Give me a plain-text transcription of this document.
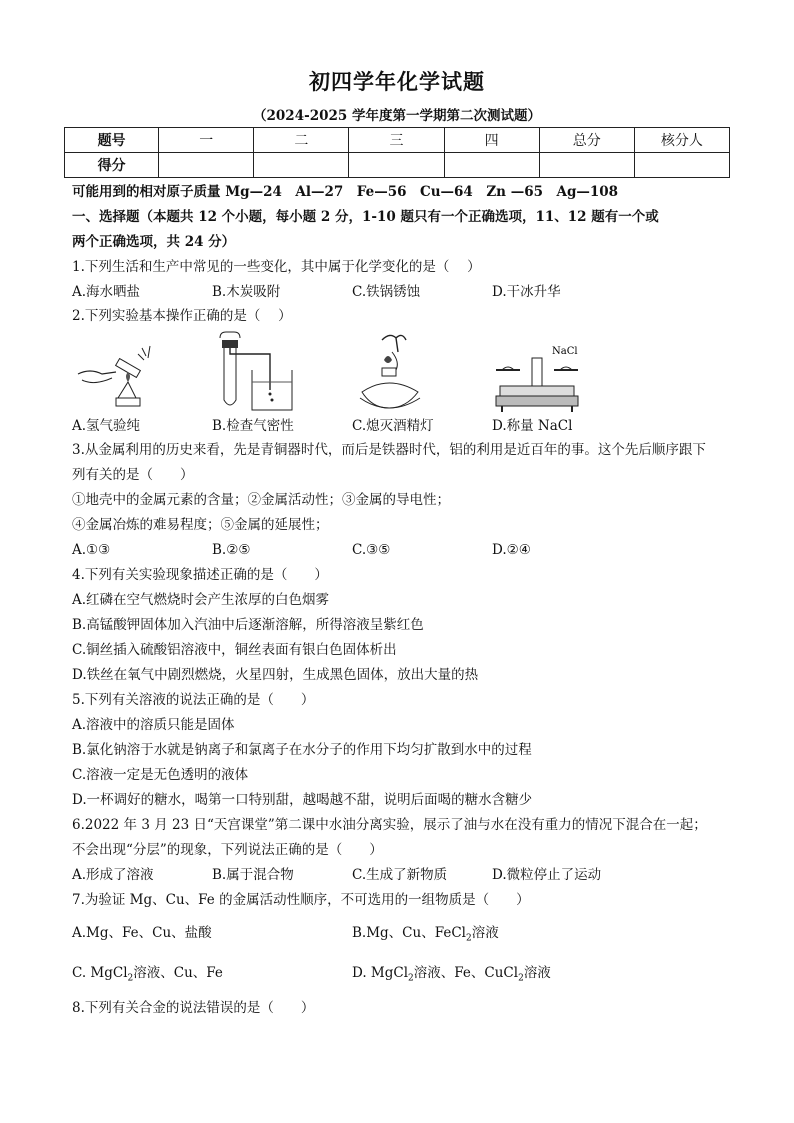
初四学年化学试题
（2024-2025 学年度第一学期第二次测试题）
题号	一	二	三	四	总分	核分人
得分						
可能用到的相对原子质量 Mg—24　Al—27　Fe—56　Cu—64　Zn —65　Ag—108
一、选择题（本题共 12 个小题，每小题 2 分，1-10 题只有一个正确选项，11、12 题有一个或
两个正确选项，共 24 分）
1.下列生活和生产中常见的一些变化，其中属于化学变化的是（　 ）
A.海水晒盐	B.木炭吸附	C.铁锅锈蚀	D.干冰升华
2.下列实验基本操作正确的是（　 ）
NaCl
A.氢气验纯	B.检查气密性	C.熄灭酒精灯	D.称量 NaCl
3.从金属利用的历史来看，先是青铜器时代，而后是铁器时代，铝的利用是近百年的事。这个先后顺序跟下
列有关的是（　　）
①地壳中的金属元素的含量；②金属活动性；③金属的导电性；
④金属冶炼的难易程度；⑤金属的延展性；
A.①③	B.②⑤	C.③⑤	D.②④
4.下列有关实验现象描述正确的是（　　）
A.红磷在空气燃烧时会产生浓厚的白色烟雾
B.高锰酸钾固体加入汽油中后逐渐溶解，所得溶液呈紫红色
C.铜丝插入硫酸铝溶液中，铜丝表面有银白色固体析出
D.铁丝在氧气中剧烈燃烧，火星四射，生成黑色固体，放出大量的热
5.下列有关溶液的说法正确的是（　　）
A.溶液中的溶质只能是固体
B.氯化钠溶于水就是钠离子和氯离子在水分子的作用下均匀扩散到水中的过程
C.溶液一定是无色透明的液体
D.一杯调好的糖水，喝第一口特别甜，越喝越不甜，说明后面喝的糖水含糖少
6.2022 年 3 月 23 日“天宫课堂”第二课中水油分离实验，展示了油与水在没有重力的情况下混合在一起；
不会出现“分层”的现象，下列说法正确的是（　　）
A.形成了溶液	B.属于混合物	C.生成了新物质	D.微粒停止了运动
7.为验证 Mg、Cu、Fe 的金属活动性顺序，不可选用的一组物质是（　　）
A.Mg、Fe、Cu、盐酸	B.Mg、Cu、FeCl$_2$溶液
C. MgCl$_2$溶液、Cu、Fe	D. MgCl$_2$溶液、Fe、CuCl$_2$溶液
8.下列有关合金的说法错误的是（　　）
